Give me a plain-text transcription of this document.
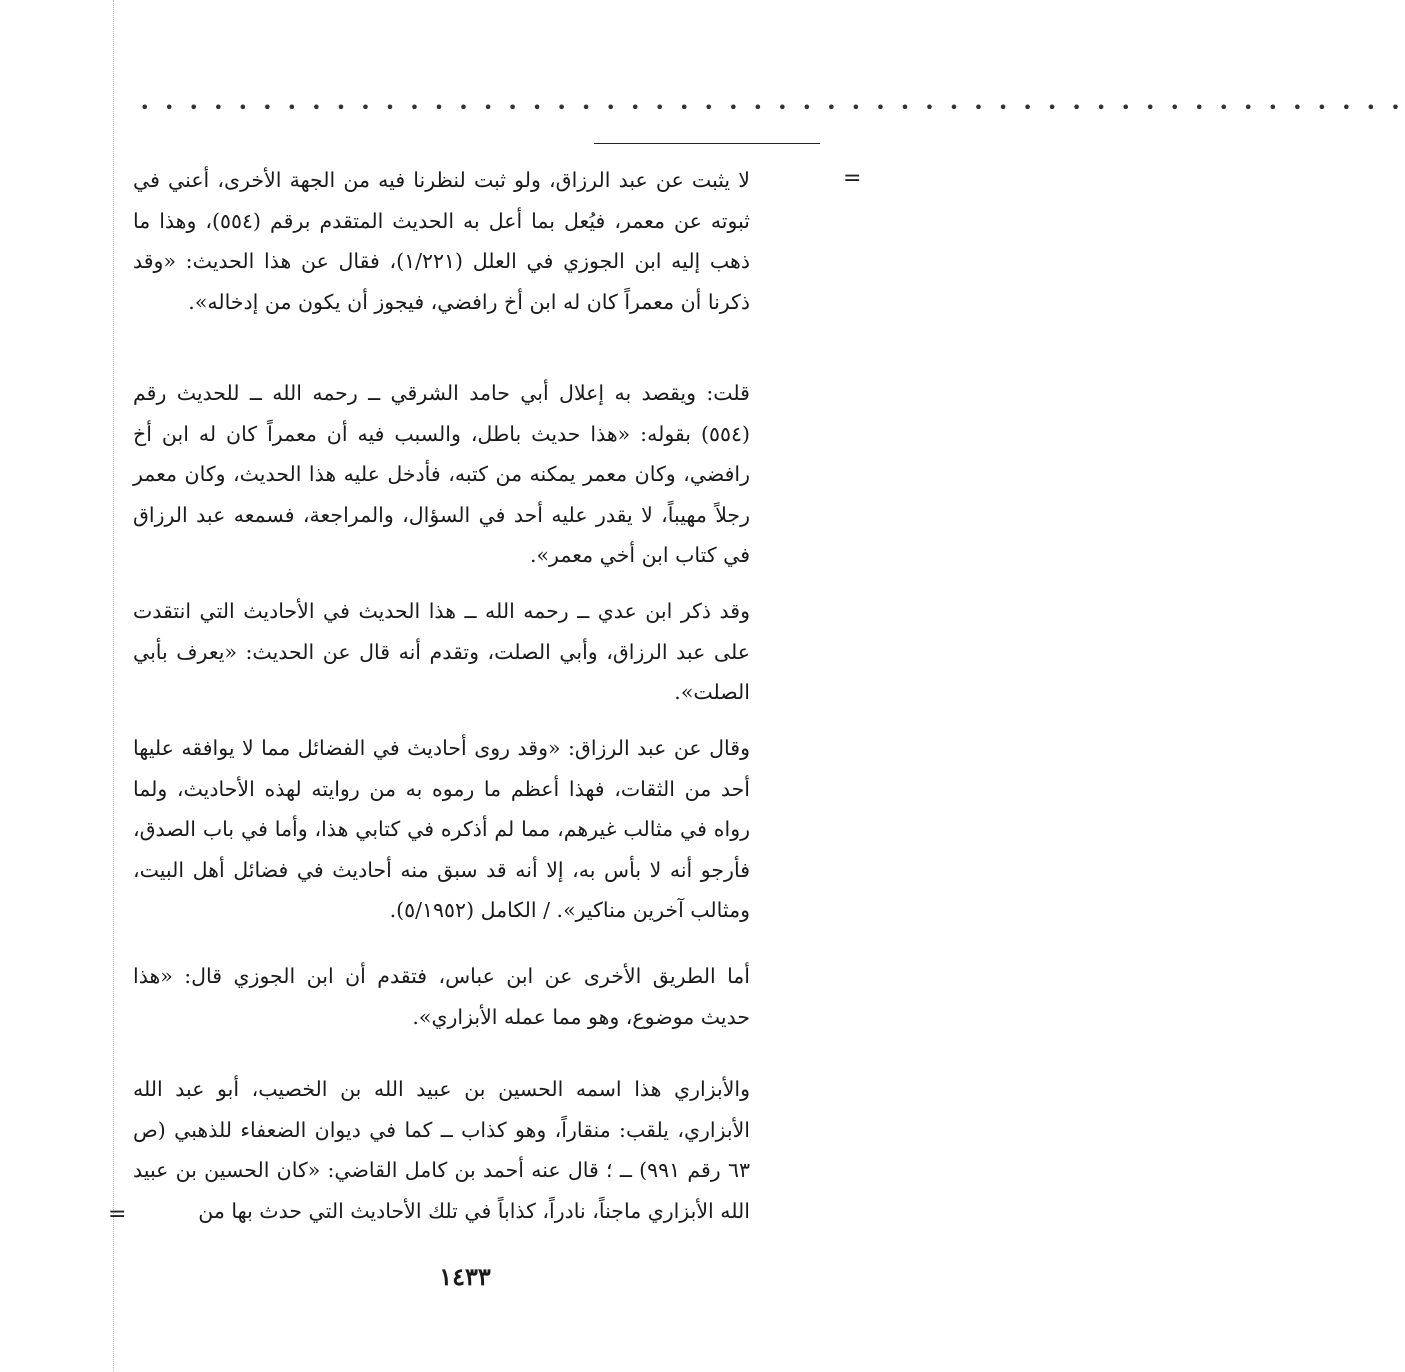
• • • • • • • • • • • • • • • • • • • • • • • • • • • • • • • • • • • • • • • • • • • • • • • • • • • •
=
لا يثبت عن عبد الرزاق، ولو ثبت لنظرنا فيه من الجهة الأخرى، أعني في ثبوته عن معمر، فيُعل بما أعل به الحديث المتقدم برقم (٥٥٤)، وهذا ما ذهب إليه ابن الجوزي في العلل (١/٢٢١)، فقال عن هذا الحديث: «وقد ذكرنا أن معمراً كان له ابن أخ رافضي، فيجوز أن يكون من إدخاله».
قلت: ويقصد به إعلال أبي حامد الشرقي ــ رحمه الله ــ للحديث رقم (٥٥٤) بقوله: «هذا حديث باطل، والسبب فيه أن معمراً كان له ابن أخ رافضي، وكان معمر يمكنه من كتبه، فأدخل عليه هذا الحديث، وكان معمر رجلاً مهيباً، لا يقدر عليه أحد في السؤال، والمراجعة، فسمعه عبد الرزاق في كتاب ابن أخي معمر».
وقد ذكر ابن عدي ــ رحمه الله ــ هذا الحديث في الأحاديث التي انتقدت على عبد الرزاق، وأبي الصلت، وتقدم أنه قال عن الحديث: «يعرف بأبي الصلت».
وقال عن عبد الرزاق: «وقد روى أحاديث في الفضائل مما لا يوافقه عليها أحد من الثقات، فهذا أعظم ما رموه به من روايته لهذه الأحاديث، ولما رواه في مثالب غيرهم، مما لم أذكره في كتابي هذا، وأما في باب الصدق، فأرجو أنه لا بأس به، إلا أنه قد سبق منه أحاديث في فضائل أهل البيت، ومثالب آخرين مناكير». / الكامل (٥/١٩٥٢).
أما الطريق الأخرى عن ابن عباس، فتقدم أن ابن الجوزي قال: «هذا حديث موضوع، وهو مما عمله الأبزاري».
والأبزاري هذا اسمه الحسين بن عبيد الله بن الخصيب، أبو عبد الله الأبزاري، يلقب: منقاراً، وهو كذاب ــ كما في ديوان الضعفاء للذهبي (ص ٦٣ رقم ٩٩١) ــ ؛ قال عنه أحمد بن كامل القاضي: «كان الحسين بن عبيد الله الأبزاري ماجناً، نادراً، كذاباً في تلك الأحاديث التي حدث بها من
=
١٤٣٣
